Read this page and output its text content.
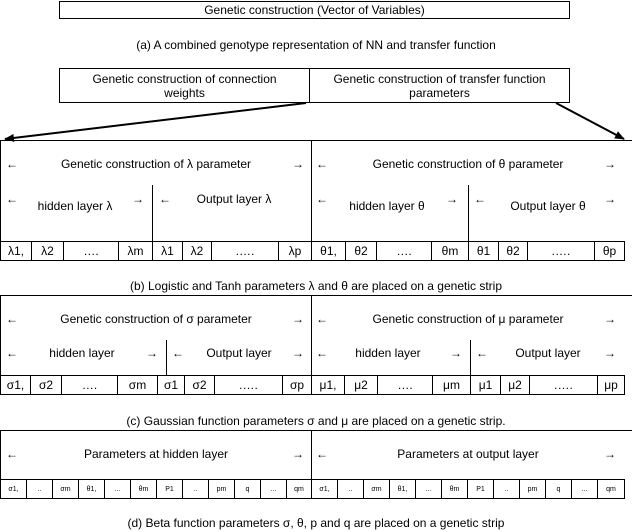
Genetic construction (Vector of Variables)
(a) A combined genotype representation of NN and transfer function
Genetic construction of connection weights
Genetic construction of transfer function parameters
←	Genetic construction of λ parameter	→ ←	Genetic construction of θ parameter	→
←	hidden layer λ	→ ←	Output layer λ	←	hidden layer θ	→ ←	Output layer θ	→
λ1,	λ2	….	λm	λ1	λ2	.….	λp	θ1,	θ2	….	θm	θ1	θ2	.….	θp
(b) Logistic and Tanh parameters λ and θ are placed on a genetic strip
←	Genetic construction of σ parameter	→ ←	Genetic construction of μ parameter	→
←	hidden layer	→ ←	Output layer	→ ←	hidden layer	→ ←	Output layer	→
σ1,	σ2	….	σm	σ1	σ2	.….	σp	μ1,	μ2	….	μm	μ1	μ2	.….	μp
(c) Gaussian function parameters σ and μ are placed on a genetic strip.
←	Parameters at hidden layer	→ ←	Parameters at output layer	→
σ1,	..	σm	θ1,	…	θm	P1	..	pm	q	…	qm	σ1,	..	σm	θ1,	…	θm	P1	..	pm	q	…	qm
(d) Beta function parameters σ, θ, p and q are placed on a genetic strip
